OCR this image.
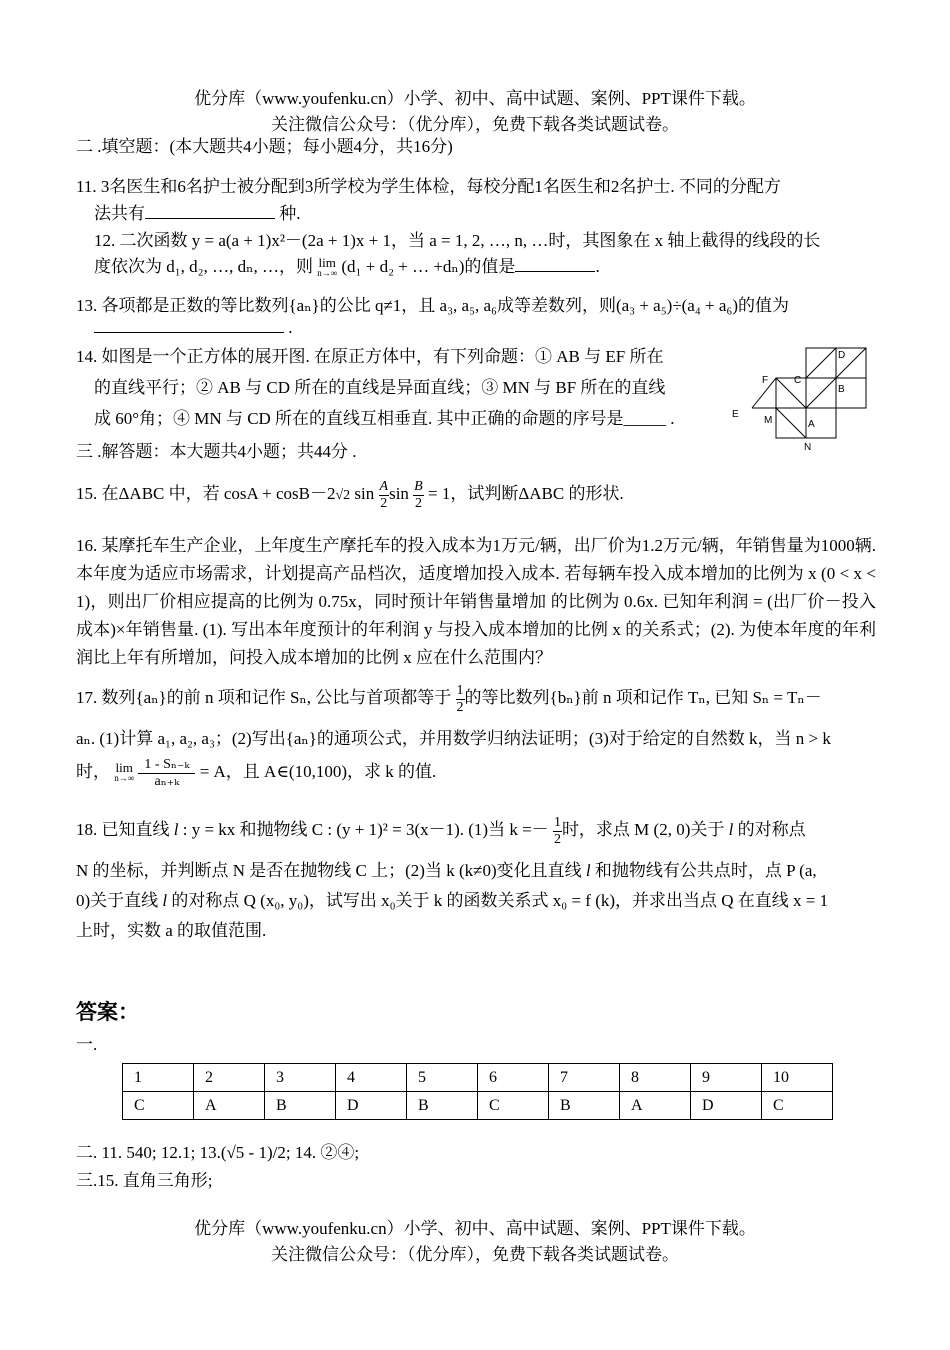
优分库（www.youfenku.cn）小学、初中、高中试题、案例、PPT课件下载。
关注微信公众号：（优分库），免费下载各类试题试卷。
二 .填空题：(本大题共4小题；每小题4分，共16分)
11. 3名医生和6名护士被分配到3所学校为学生体检，每校分配1名医生和2名护士. 不同的分配方
法共有	种.
12. 二次函数 y = a(a + 1)x²－(2a + 1)x + 1，当 a = 1, 2, …, n, …时，其图象在 x 轴上截得的线段的长
度依次为 d₁, d₂, …, dₙ, …，则 lim
n→∞ (d₁ + d₂ + … +dₙ)的值是	.
13. 各项都是正数的等比数列{aₙ}的公比 q≠1，且 a₃, a₅, a₆成等差数列，则(a₃ + a₅)÷(a₄ + a₆)的值为
.
14. 如图是一个正方体的展开图. 在原正方体中，有下列命题：① AB 与 EF 所在
的直线平行；② AB 与 CD 所在的直线是异面直线；③ MN 与 BF 所在的直线
成 60°角；④ MN 与 CD 所在的直线互相垂直. 其中正确的命题的序号是_____ .
D
F	C
B
E
M	A
N
三 .解答题：本大题共4小题；共44分 .
15. 在ΔABC 中，若 cosA + cosB－2√2 $\sin \frac{A}{2}$ $\sin \frac{B}{2} = 1$，试判断ΔABC 的形状.
16. 某摩托车生产企业，上年度生产摩托车的投入成本为1万元/辆，出厂价为1.2万元/辆，年销售量为1000辆. 本年度为适应市场需求，计划提高产品档次，适度增加投入成本. 若每辆车投入成本增加的比例为 x (0 < x < 1)，则出厂价相应提高的比例为 0.75x，同时预计年销售量增加 的比例为 0.6x. 已知年利润 = (出厂价－投入成本)×年销售量. (1). 写出本年度预计的年利润 y 与投入成本增加的比例 x 的关系式；(2). 为使本年度的年利润比上年有所增加，问投入成本增加的比例 x 应在什么范围内？
17. 数列{aₙ}的前 n 项和记作 Sₙ, 公比与首项都等于 $\frac{1}{2}$ 的等比数列{bₙ}前 n 项和记作 Tₙ, 已知 Sₙ = Tₙ－
aₙ. (1)计算 a₁, a₂, a₃；(2)写出{aₙ}的通项公式，并用数学归纳法证明；(3)对于给定的自然数 k，当 n > k
时， lim
n→∞
$\frac{\text{1 - Sₙ₋ₖ}}{\text{aₙ₊ₖ}} = A$，且 A∈(10,100)，求 k 的值.
18. 已知直线 l : y = kx 和抛物线 C : (y + 1)² = 3(x－1). (1)当 $k =- \frac{1}{2}$ 时，求点 M (2, 0)关于 l 的对称点
N 的坐标，并判断点 N 是否在抛物线 C 上；(2)当 k (k≠0)变化且直线 l 和抛物线有公共点时，点 P (a,
0)关于直线 l 的对称点 Q (x₀, y₀)，试写出 x₀关于 k 的函数关系式 x₀ = f (k)，并求出当点 Q 在直线 x = 1
上时，实数 a 的取值范围.
答案：
一.
1	2	3	4	5	6	7	8	9	10
C	A	B	D	B	C	B	A	D	C
二. 11. 540; 12.1; 13.(√5 - 1)/2; 14. ②④;
三.15. 直角三角形;
优分库（www.youfenku.cn）小学、初中、高中试题、案例、PPT课件下载。
关注微信公众号：（优分库），免费下载各类试题试卷。
